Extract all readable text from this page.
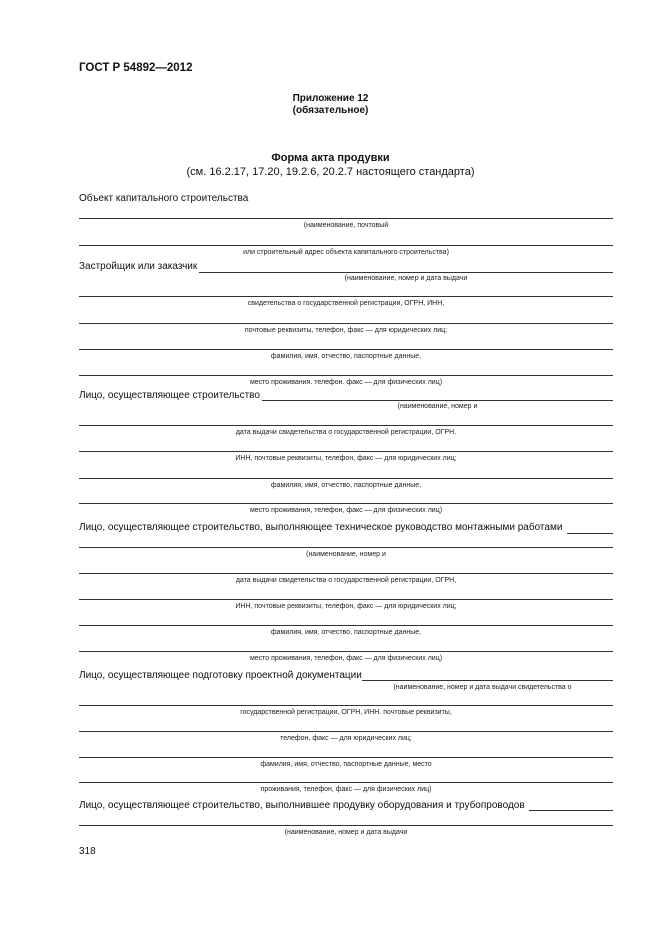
ГОСТ Р 54892—2012
Приложение 12
(обязательное)
Форма акта продувки
(см. 16.2.17, 17.20, 19.2.6, 20.2.7 настоящего стандарта)
Объект капитального строительства
(наименование, почтовый
или строительный адрес объекта капитального строительства)
Застройщик или заказчик
(наименование, номер и дата выдачи
свидетельства о государственной регистрации, ОГРН, ИНН,
почтовые реквизиты, телефон, факс — для юридических лиц;
фамилия, имя, отчество, паспортные данные,
место проживания. телефон. факс — для физических лиц)
Лицо, осуществляющее строительство
(наименование, номер и
дата выдачи свидетельства о государственной регистрации, ОГРН.
ИНН, почтовые реквизиты, телефон, факс — для юридических лиц;
фамилия, имя, отчество, паспортные данные,
место проживания, телефон, факс — для физических лиц)
Лицо, осуществляющее строительство, выполняющее техническое руководство монтажными работами
(наименование, номер и
дата выдачи свидетельства о государственной регистрации, ОГРН,
ИНН, почтовые реквизиты, телефон, факс — для юридических лиц;
фамилия, имя, отчество, паспортные данные,
место проживания, телефон, факс — для физических лиц)
Лицо, осуществляющее подготовку проектной документации
(наименование, номер и дата выдачи свидетельства о
государственной регистрации, ОГРН, ИНН. почтовые реквизиты,
телефон, факс — для юридических лиц;
фамилия, имя, отчество, паспортные данные, место
проживания, телефон, факс — для физических лиц)
Лицо, осуществляющее строительство, выполнившее продувку оборудования и трубопроводов
(наименование, номер и дата выдачи
318
